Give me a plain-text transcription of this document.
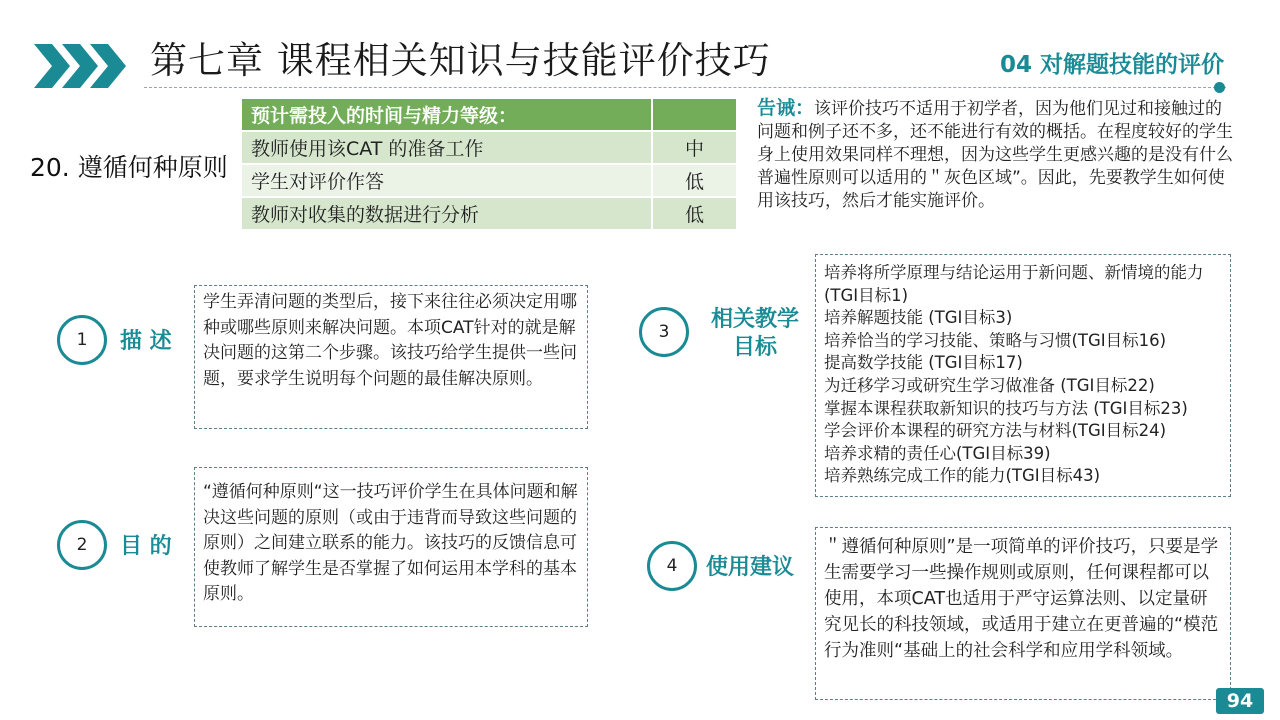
第七章 课程相关知识与技能评价技巧	04 对解题技能的评价
20. 遵循何种原则
预计需投入的时间与精力等级：	
教师使用该CAT 的准备工作	中
学生对评价作答	低
教师对收集的数据进行分析	低
告诫：该评价技巧不适用于初学者，因为他们见过和接触过的问题和例子还不多，还不能进行有效的概括。在程度较好的学生身上使用效果同样不理想，因为这些学生更感兴趣的是没有什么普遍性原则可以适用的＂灰色区域”。因此，先要教学生如何使用该技巧，然后才能实施评价。
1	描 述
学生弄清问题的类型后，接下来往往必须决定用哪种或哪些原则来解决问题。本项CAT针对的就是解决问题的这第二个步骤。该技巧给学生提供一些问题，要求学生说明每个问题的最佳解决原则。
2	目 的
“遵循何种原则“这一技巧评价学生在具体问题和解决这些问题的原则（或由于违背而导致这些问题的原则）之间建立联系的能力。该技巧的反馈信息可使教师了解学生是否掌握了如何运用本学科的基本原则。
3	相关教学
目标
培养将所学原理与结论运用于新问题、新情境的能力(TGI目标1)
培养解题技能 (TGI目标3)
培养恰当的学习技能、策略与习惯(TGI目标16)
提高数学技能 (TGI目标17)
为迁移学习或研究生学习做准备 (TGI目标22)
掌握本课程获取新知识的技巧与方法 (TGI目标23)
学会评价本课程的研究方法与材料(TGI目标24)
培养求精的责任心(TGI目标39)
培养熟练完成工作的能力(TGI目标43)
4	使用建议
＂遵循何种原则”是一项简单的评价技巧，只要是学生需要学习一些操作规则或原则，任何课程都可以使用，本项CAT也适用于严守运算法则、以定量研究见长的科技领域，或适用于建立在更普遍的“模范行为准则“基础上的社会科学和应用学科领域。
94
